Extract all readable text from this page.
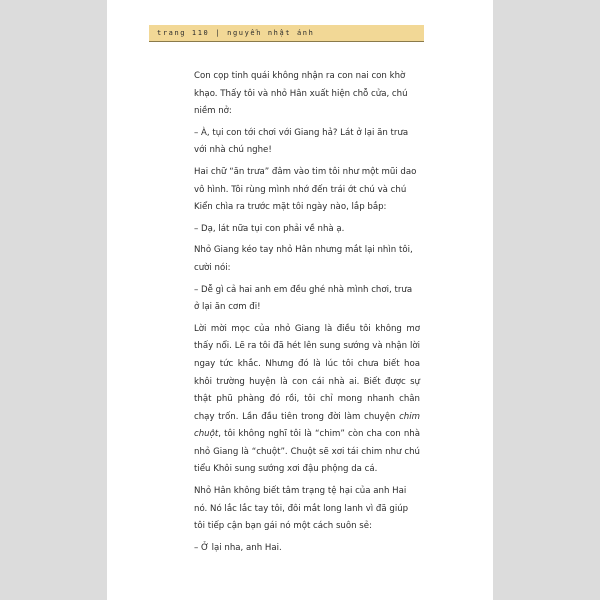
trang 110 | nguyễn nhật ánh

Con cọp tinh quái không nhận ra con nai con khờ khạo. Thấy tôi và nhỏ Hân xuất hiện chỗ cửa, chú niềm nở:

– À, tụi con tới chơi với Giang hả? Lát ở lại ăn trưa với nhà chú nghe!

Hai chữ “ăn trưa” đâm vào tim tôi như một mũi dao vô hình. Tôi rùng mình nhớ đến trái ớt chú và chú Kiển chìa ra trước mặt tôi ngày nào, lắp bắp:

– Dạ, lát nữa tụi con phải về nhà ạ.

Nhỏ Giang kéo tay nhỏ Hân nhưng mắt lại nhìn tôi, cười nói:

– Dễ gì cả hai anh em đều ghé nhà mình chơi, trưa ở lại ăn cơm đi!

Lời mời mọc của nhỏ Giang là điều tôi không mơ thấy nổi. Lẽ ra tôi đã hét lên sung sướng và nhận lời ngay tức khắc. Nhưng đó là lúc tôi chưa biết hoa khôi trường huyện là con cái nhà ai. Biết được sự thật phũ phàng đó rồi, tôi chỉ mong nhanh chân chạy trốn. Lần đầu tiên trong đời làm chuyện chim chuột, tôi không nghĩ tôi là “chim” còn cha con nhà nhỏ Giang là “chuột”. Chuột sẽ xơi tái chim như chú tiểu Khôi sung sướng xơi đậu phộng da cá.

Nhỏ Hân không biết tâm trạng tệ hại của anh Hai nó. Nó lắc lắc tay tôi, đôi mắt long lanh vì đã giúp tôi tiếp cận bạn gái nó một cách suôn sẻ:

– Ở lại nha, anh Hai.
